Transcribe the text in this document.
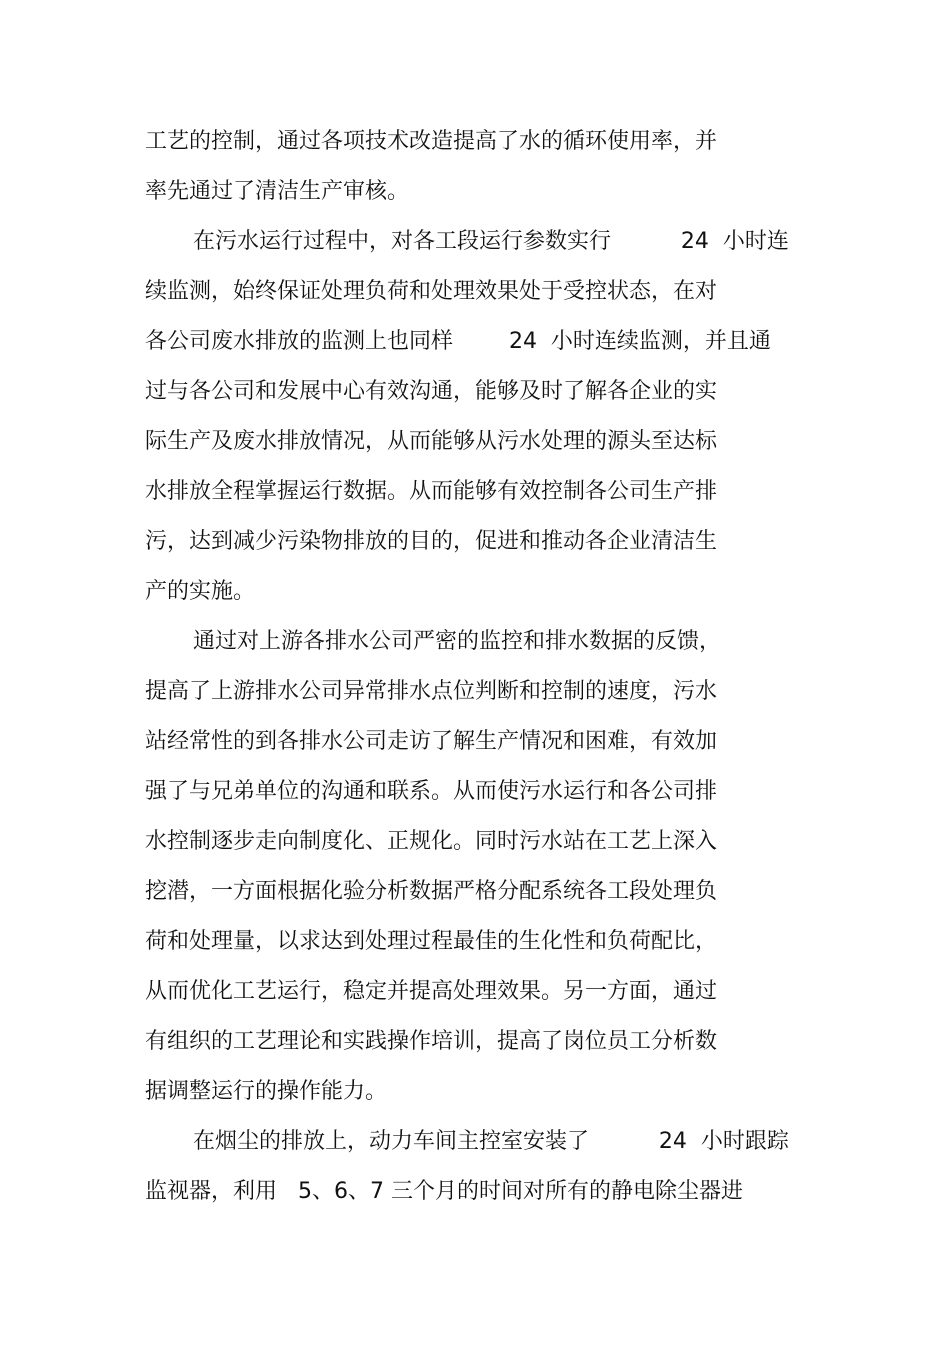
工艺的控制，通过各项技术改造提高了水的循环使用率，并
率先通过了清洁生产审核。
在污水运行过程中，对各工段运行参数实行          24  小时连
续监测，始终保证处理负荷和处理效果处于受控状态，在对
各公司废水排放的监测上也同样        24  小时连续监测，并且通
过与各公司和发展中心有效沟通，能够及时了解各企业的实
际生产及废水排放情况，从而能够从污水处理的源头至达标
水排放全程掌握运行数据。从而能够有效控制各公司生产排
污，达到减少污染物排放的目的，促进和推动各企业清洁生
产的实施。
通过对上游各排水公司严密的监控和排水数据的反馈，
提高了上游排水公司异常排水点位判断和控制的速度，污水
站经常性的到各排水公司走访了解生产情况和困难，有效加
强了与兄弟单位的沟通和联系。从而使污水运行和各公司排
水控制逐步走向制度化、正规化。同时污水站在工艺上深入
挖潜，一方面根据化验分析数据严格分配系统各工段处理负
荷和处理量，以求达到处理过程最佳的生化性和负荷配比，
从而优化工艺运行，稳定并提高处理效果。另一方面，通过
有组织的工艺理论和实践操作培训，提高了岗位员工分析数
据调整运行的操作能力。
在烟尘的排放上，动力车间主控室安装了          24  小时跟踪
监视器，利用   5、6、7 三个月的时间对所有的静电除尘器进
